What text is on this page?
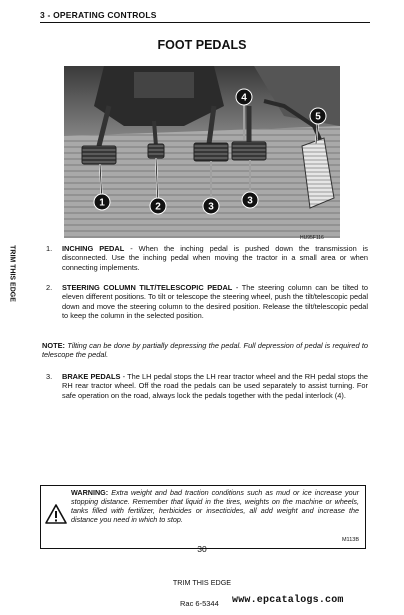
3 - OPERATING CONTROLS
FOOT PEDALS
TRIM THIS EDGE
1	2	3
3
4
5
HU95F116
1.	INCHING PEDAL - When the inching pedal is pushed down the transmission is disconnected. Use the inching pedal when moving the tractor in a small area or when connecting implements.
2.	STEERING COLUMN TILT/TELESCOPIC PEDAL - The steering column can be tilted to eleven different positions. To tilt or telescope the steering wheel, push the tilt/telescopic pedal down and move the steering column to the desired position. Release the tilt/telescopic pedal to keep the column in the selected position.
NOTE: Tilting can be done by partially depressing the pedal. Full depression of pedal is required to telescope the pedal.
3.	BRAKE PEDALS - The LH pedal stops the LH rear tractor wheel and the RH pedal stops the RH rear tractor wheel. Off the road the pedals can be used separately to assist turning. For safe operation on the road, always lock the pedals together with the pedal interlock (4).
WARNING: Extra weight and bad traction conditions such as mud or ice increase your stopping distance. Remember that liquid in the tires, weights on the machine or wheels, tanks filled with fertilizer, herbicides or insecticides, all add weight and increase the distance you need in which to stop.
M113B
30
TRIM THIS EDGE
Rac 6-5344 www.epcatalogs.com
